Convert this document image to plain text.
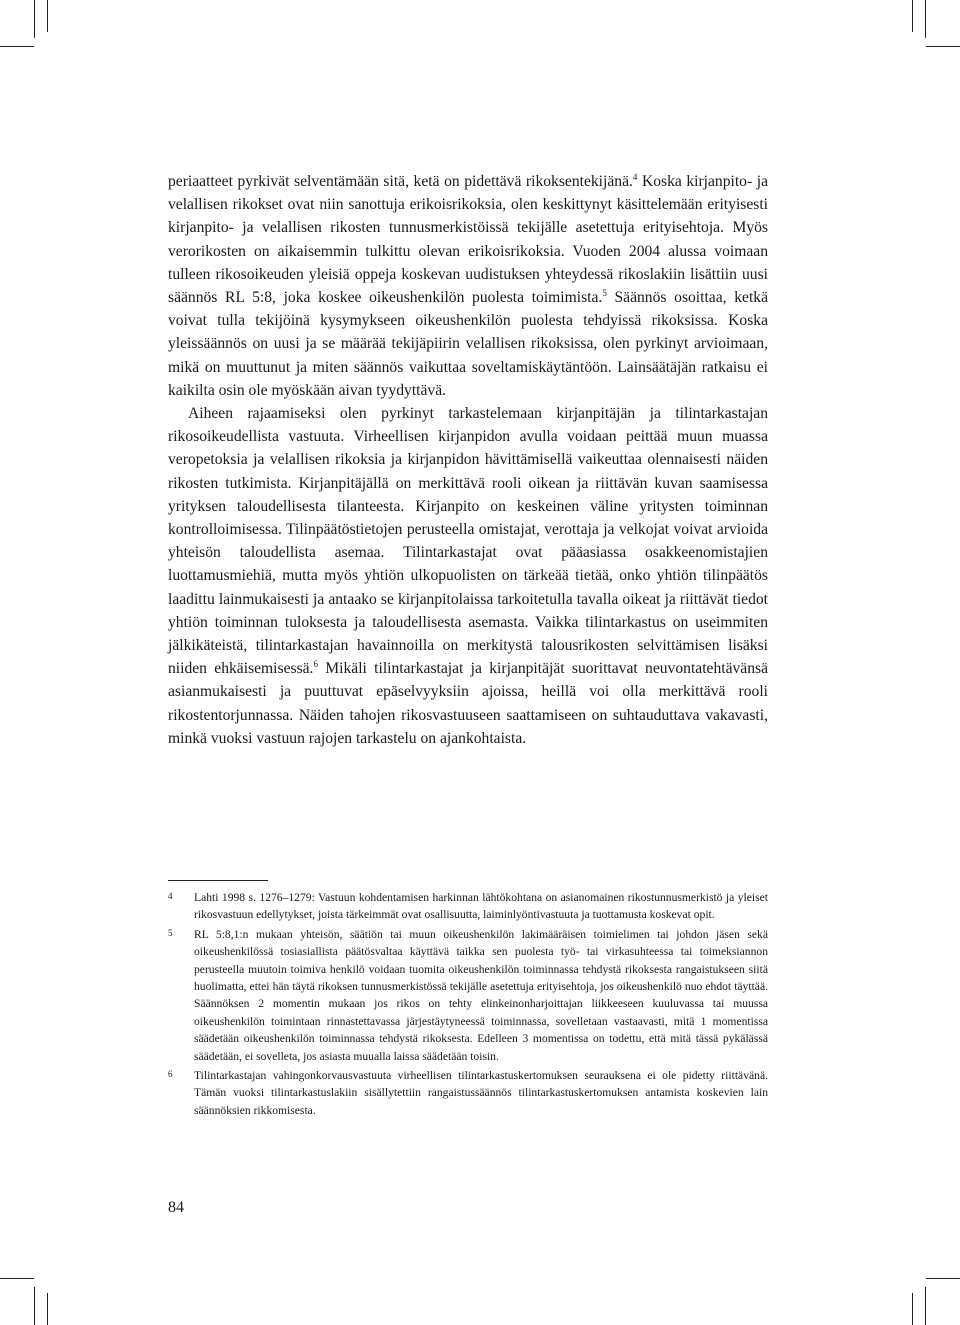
periaatteet pyrkivät selventämään sitä, ketä on pidettävä rikoksentekijänä.$^4$ Koska kirjanpito- ja velallisen rikokset ovat niin sanottuja erikoisrikoksia, olen keskittynyt käsittelemään erityisesti kirjanpito- ja velallisen rikosten tunnusmerkistöissä tekijälle asetettuja erityisehtoja. Myös verorikosten on aikaisemmin tulkittu olevan erikoisrikoksia. Vuoden 2004 alussa voimaan tulleen rikosoikeuden yleisiä oppeja koskevan uudistuksen yhteydessä rikoslakiin lisättiin uusi säännös RL 5:8, joka koskee oikeushenkilön puolesta toimimista.$^5$ Säännös osoittaa, ketkä voivat tulla tekijöinä kysymykseen oikeushenkilön puolesta tehdyissä rikoksissa. Koska yleissäännös on uusi ja se määrää tekijäpiirin velallisen rikoksissa, olen pyrkinyt arvioimaan, mikä on muuttunut ja miten säännös vaikuttaa soveltamiskäytäntöön. Lainsäätäjän ratkaisu ei kaikilta osin ole myöskään aivan tyydyttävä.

Aiheen rajaamiseksi olen pyrkinyt tarkastelemaan kirjanpitäjän ja tilintarkastajan rikosoikeudellista vastuuta. Virheellisen kirjanpidon avulla voidaan peittää muun muassa veropetoksia ja velallisen rikoksia ja kirjanpidon hävittämisellä vaikeuttaa olennaisesti näiden rikosten tutkimista. Kirjanpitäjällä on merkittävä rooli oikean ja riittävän kuvan saamisessa yrityksen taloudellisesta tilanteesta. Kirjanpito on keskeinen väline yritysten toiminnan kontrolloimisessa. Tilinpäätöstietojen perusteella omistajat, verottaja ja velkojat voivat arvioida yhteisön taloudellista asemaa. Tilintarkastajat ovat pääasiassa osakkeenomistajien luottamusmiehiä, mutta myös yhtiön ulkopuolisten on tärkeää tietää, onko yhtiön tilinpäätös laadittu lainmukaisesti ja antaako se kirjanpitolaissa tarkoitetulla tavalla oikeat ja riittävät tiedot yhtiön toiminnan tuloksesta ja taloudellisesta asemasta. Vaikka tilintarkastus on useimmiten jälkikäteistä, tilintarkastajan havainnoilla on merkitystä talousrikosten selvittämisen lisäksi niiden ehkäisemisessä.$^6$ Mikäli tilintarkastajat ja kirjanpitäjät suorittavat neuvontatehtävänsä asianmukaisesti ja puuttuvat epäselvyyksiin ajoissa, heillä voi olla merkittävä rooli rikostentorjunnassa. Näiden tahojen rikosvastuuseen saattamiseen on suhtauduttava vakavasti, minkä vuoksi vastuun rajojen tarkastelu on ajankohtaista.

4	Lahti 1998 s. 1276–1279: Vastuun kohdentamisen harkinnan lähtökohtana on asianomainen rikostunnusmerkistö ja yleiset rikosvastuun edellytykset, joista tärkeimmät ovat osallisuutta, laiminlyöntivastuuta ja tuottamusta koskevat opit.
5	RL 5:8,1:n mukaan yhteisön, säätiön tai muun oikeushenkilön lakimääräisen toimielimen tai johdon jäsen sekä oikeushenkilössä tosiasiallista päätösvaltaa käyttävä taikka sen puolesta työ- tai virkasuhteessa tai toimeksiannon perusteella muutoin toimiva henkilö voidaan tuomita oikeushenkilön toiminnassa tehdystä rikoksesta rangaistukseen siitä huolimatta, ettei hän täytä rikoksen tunnusmerkistössä tekijälle asetettuja erityisehtoja, jos oikeushenkilö nuo ehdot täyttää. Säännöksen 2 momentin mukaan jos rikos on tehty elinkeinonharjoittajan liikkeeseen kuuluvassa tai muussa oikeushenkilön toimintaan rinnastettavassa järjestäytyneessä toiminnassa, sovelletaan vastaavasti, mitä 1 momentissa säädetään oikeushenkilön toiminnassa tehdystä rikoksesta. Edelleen 3 momentissa on todettu, että mitä tässä pykälässä säädetään, ei sovelleta, jos asiasta muualla laissa säädetään toisin.
6	Tilintarkastajan vahingonkorvausvastuuta virheellisen tilintarkastuskertomuksen seurauksena ei ole pidetty riittävänä. Tämän vuoksi tilintarkastuslakiin sisällytettiin rangaistussäännös tilintarkastuskertomuksen antamista koskevien lain säännöksien rikkomisesta.
84
